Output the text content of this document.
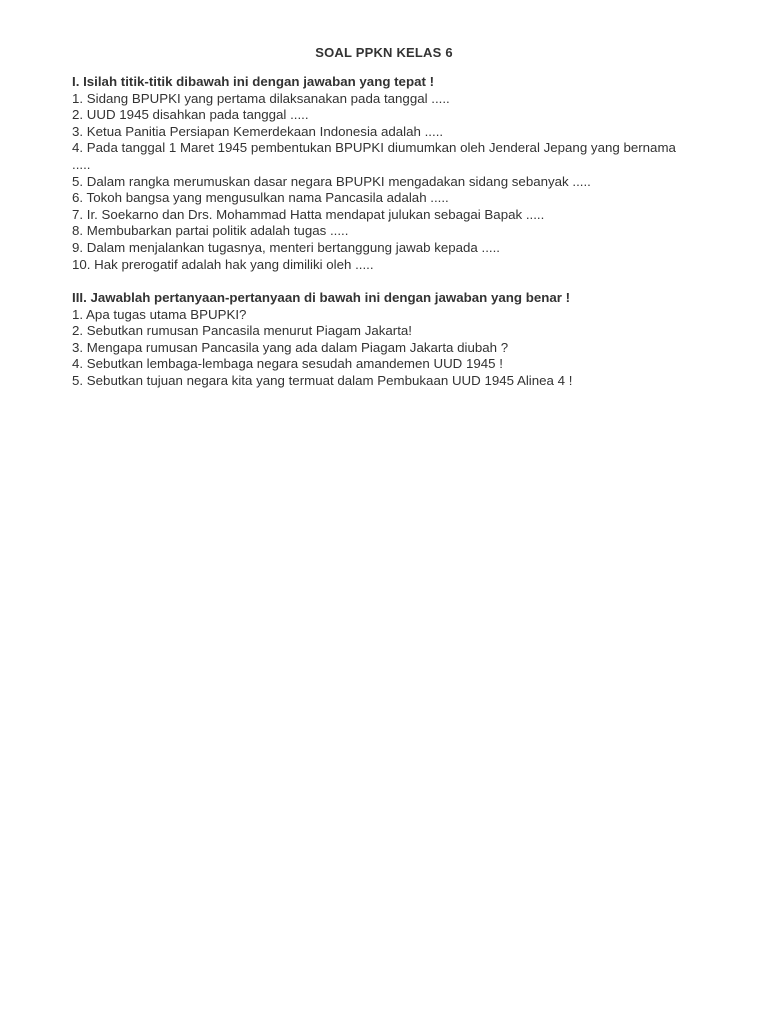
SOAL PPKN KELAS 6

I. Isilah titik-titik dibawah ini dengan jawaban yang tepat !

1. Sidang BPUPKI yang pertama dilaksanakan pada tanggal .....

2. UUD 1945 disahkan pada tanggal .....

3. Ketua Panitia Persiapan Kemerdekaan Indonesia adalah .....

4. Pada tanggal 1 Maret 1945 pembentukan BPUPKI diumumkan oleh Jenderal Jepang yang bernama .....

5. Dalam rangka merumuskan dasar negara BPUPKI mengadakan sidang sebanyak .....

6. Tokoh bangsa yang mengusulkan nama Pancasila adalah .....

7. Ir. Soekarno dan Drs. Mohammad Hatta mendapat julukan sebagai Bapak .....

8. Membubarkan partai politik adalah tugas .....

9. Dalam menjalankan tugasnya, menteri bertanggung jawab kepada .....

10. Hak prerogatif adalah hak yang dimiliki oleh .....

III. Jawablah pertanyaan-pertanyaan di bawah ini dengan jawaban yang benar !

1. Apa tugas utama BPUPKI?

2. Sebutkan rumusan Pancasila menurut Piagam Jakarta!

3. Mengapa rumusan Pancasila yang ada dalam Piagam Jakarta diubah ?

4. Sebutkan lembaga-lembaga negara sesudah amandemen UUD 1945 !

5. Sebutkan tujuan negara kita yang termuat dalam Pembukaan UUD 1945 Alinea 4 !
